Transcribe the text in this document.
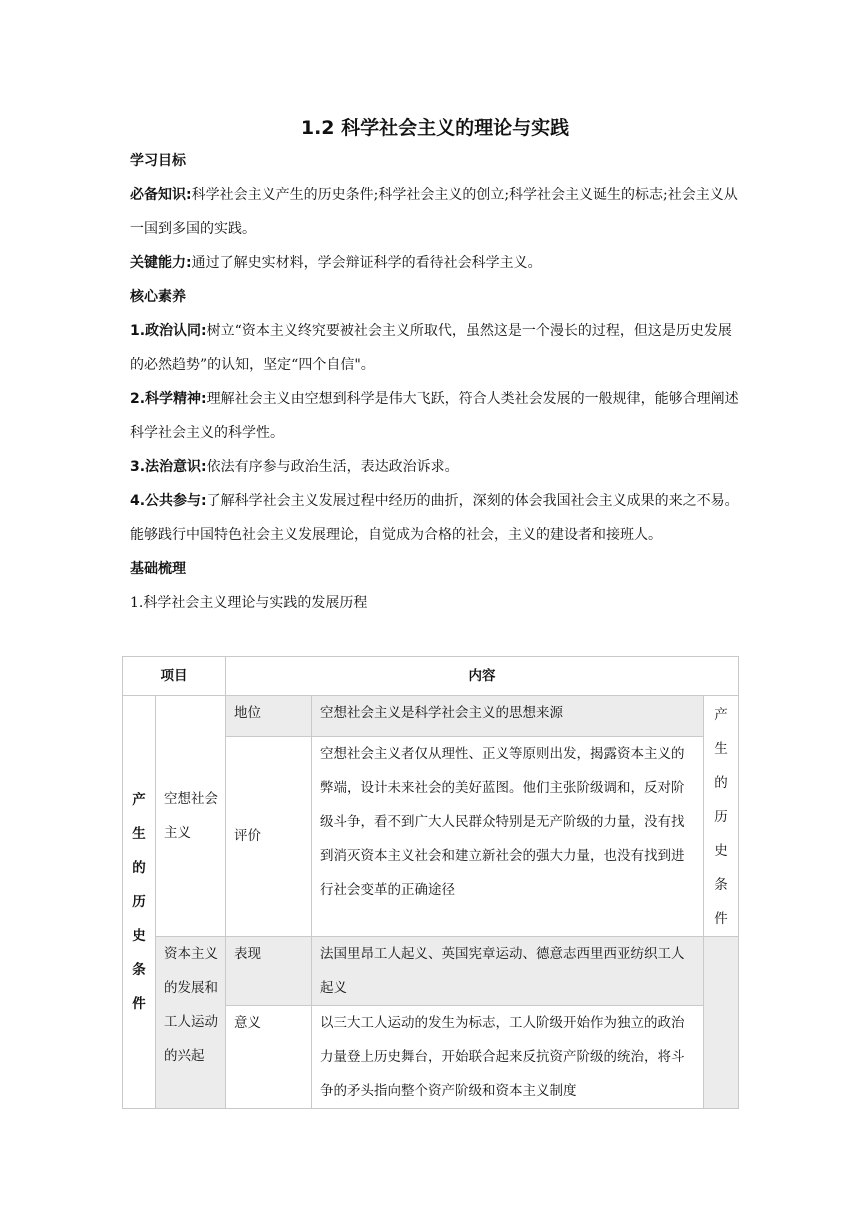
1.2 科学社会主义的理论与实践

学习目标

必备知识:科学社会主义产生的历史条件;科学社会主义的创立;科学社会主义诞生的标志;社会主义从一国到多国的实践。

关键能力:通过了解史实材料，学会辩证科学的看待社会科学主义。

核心素养

1.政治认同:树立“资本主义终究要被社会主义所取代，虽然这是一个漫长的过程，但这是历史发展的必然趋势”的认知，坚定“四个自信"。

2.科学精神:理解社会主义由空想到科学是伟大飞跃，符合人类社会发展的一般规律，能够合理阐述科学社会主义的科学性。

3.法治意识:依法有序参与政治生活，表达政治诉求。

4.公共参与:了解科学社会主义发展过程中经历的曲折，深刻的体会我国社会主义成果的来之不易。能够践行中国特色社会主义发展理论，自觉成为合格的社会，主义的建设者和接班人。

基础梳理

1.科学社会主义理论与实践的发展历程

项目		内容		
产生的历史条件	空想社会主义	地位	空想社会主义是科学社会主义的思想来源	产生的历史条件
		评价	空想社会主义者仅从理性、正义等原则出发，揭露资本主义的弊端，设计未来社会的美好蓝图。他们主张阶级调和，反对阶级斗争，看不到广大人民群众特别是无产阶级的力量，没有找到消灭资本主义社会和建立新社会的强大力量，也没有找到进行社会变革的正确途径	
	资本主义的发展和工人运动的兴起	表现	法国里昂工人起义、英国宪章运动、德意志西里西亚纺织工人起义	
		意义	以三大工人运动的发生为标志，工人阶级开始作为独立的政治力量登上历史舞台，开始联合起来反抗资产阶级的统治，将斗争的矛头指向整个资产阶级和资本主义制度	
